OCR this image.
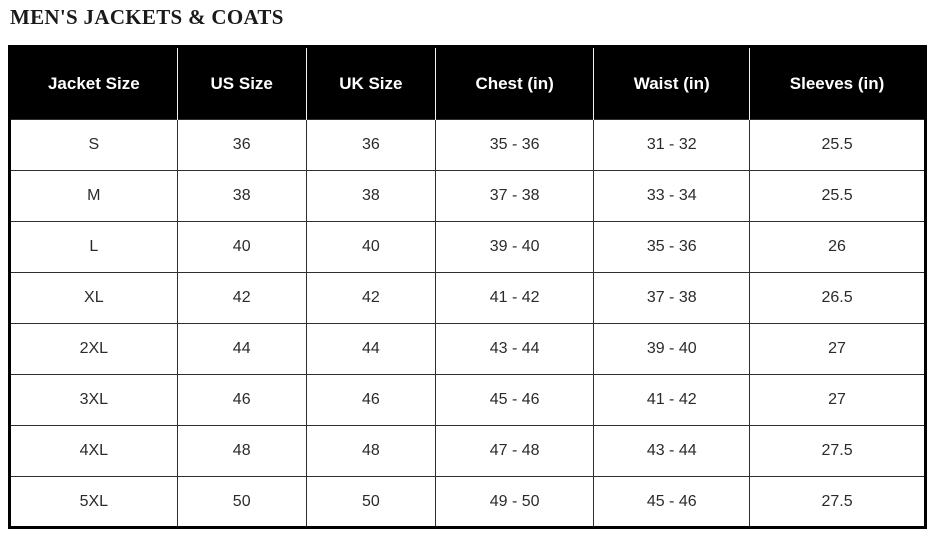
MEN'S JACKETS & COATS
Jacket Size	US Size	UK Size	Chest (in)	Waist (in)	Sleeves (in)
S	36	36	35 - 36	31 - 32	25.5
M	38	38	37 - 38	33 - 34	25.5
L	40	40	39 - 40	35 - 36	26
XL	42	42	41 - 42	37 - 38	26.5
2XL	44	44	43 - 44	39 - 40	27
3XL	46	46	45 - 46	41 - 42	27
4XL	48	48	47 - 48	43 - 44	27.5
5XL	50	50	49 - 50	45 - 46	27.5
